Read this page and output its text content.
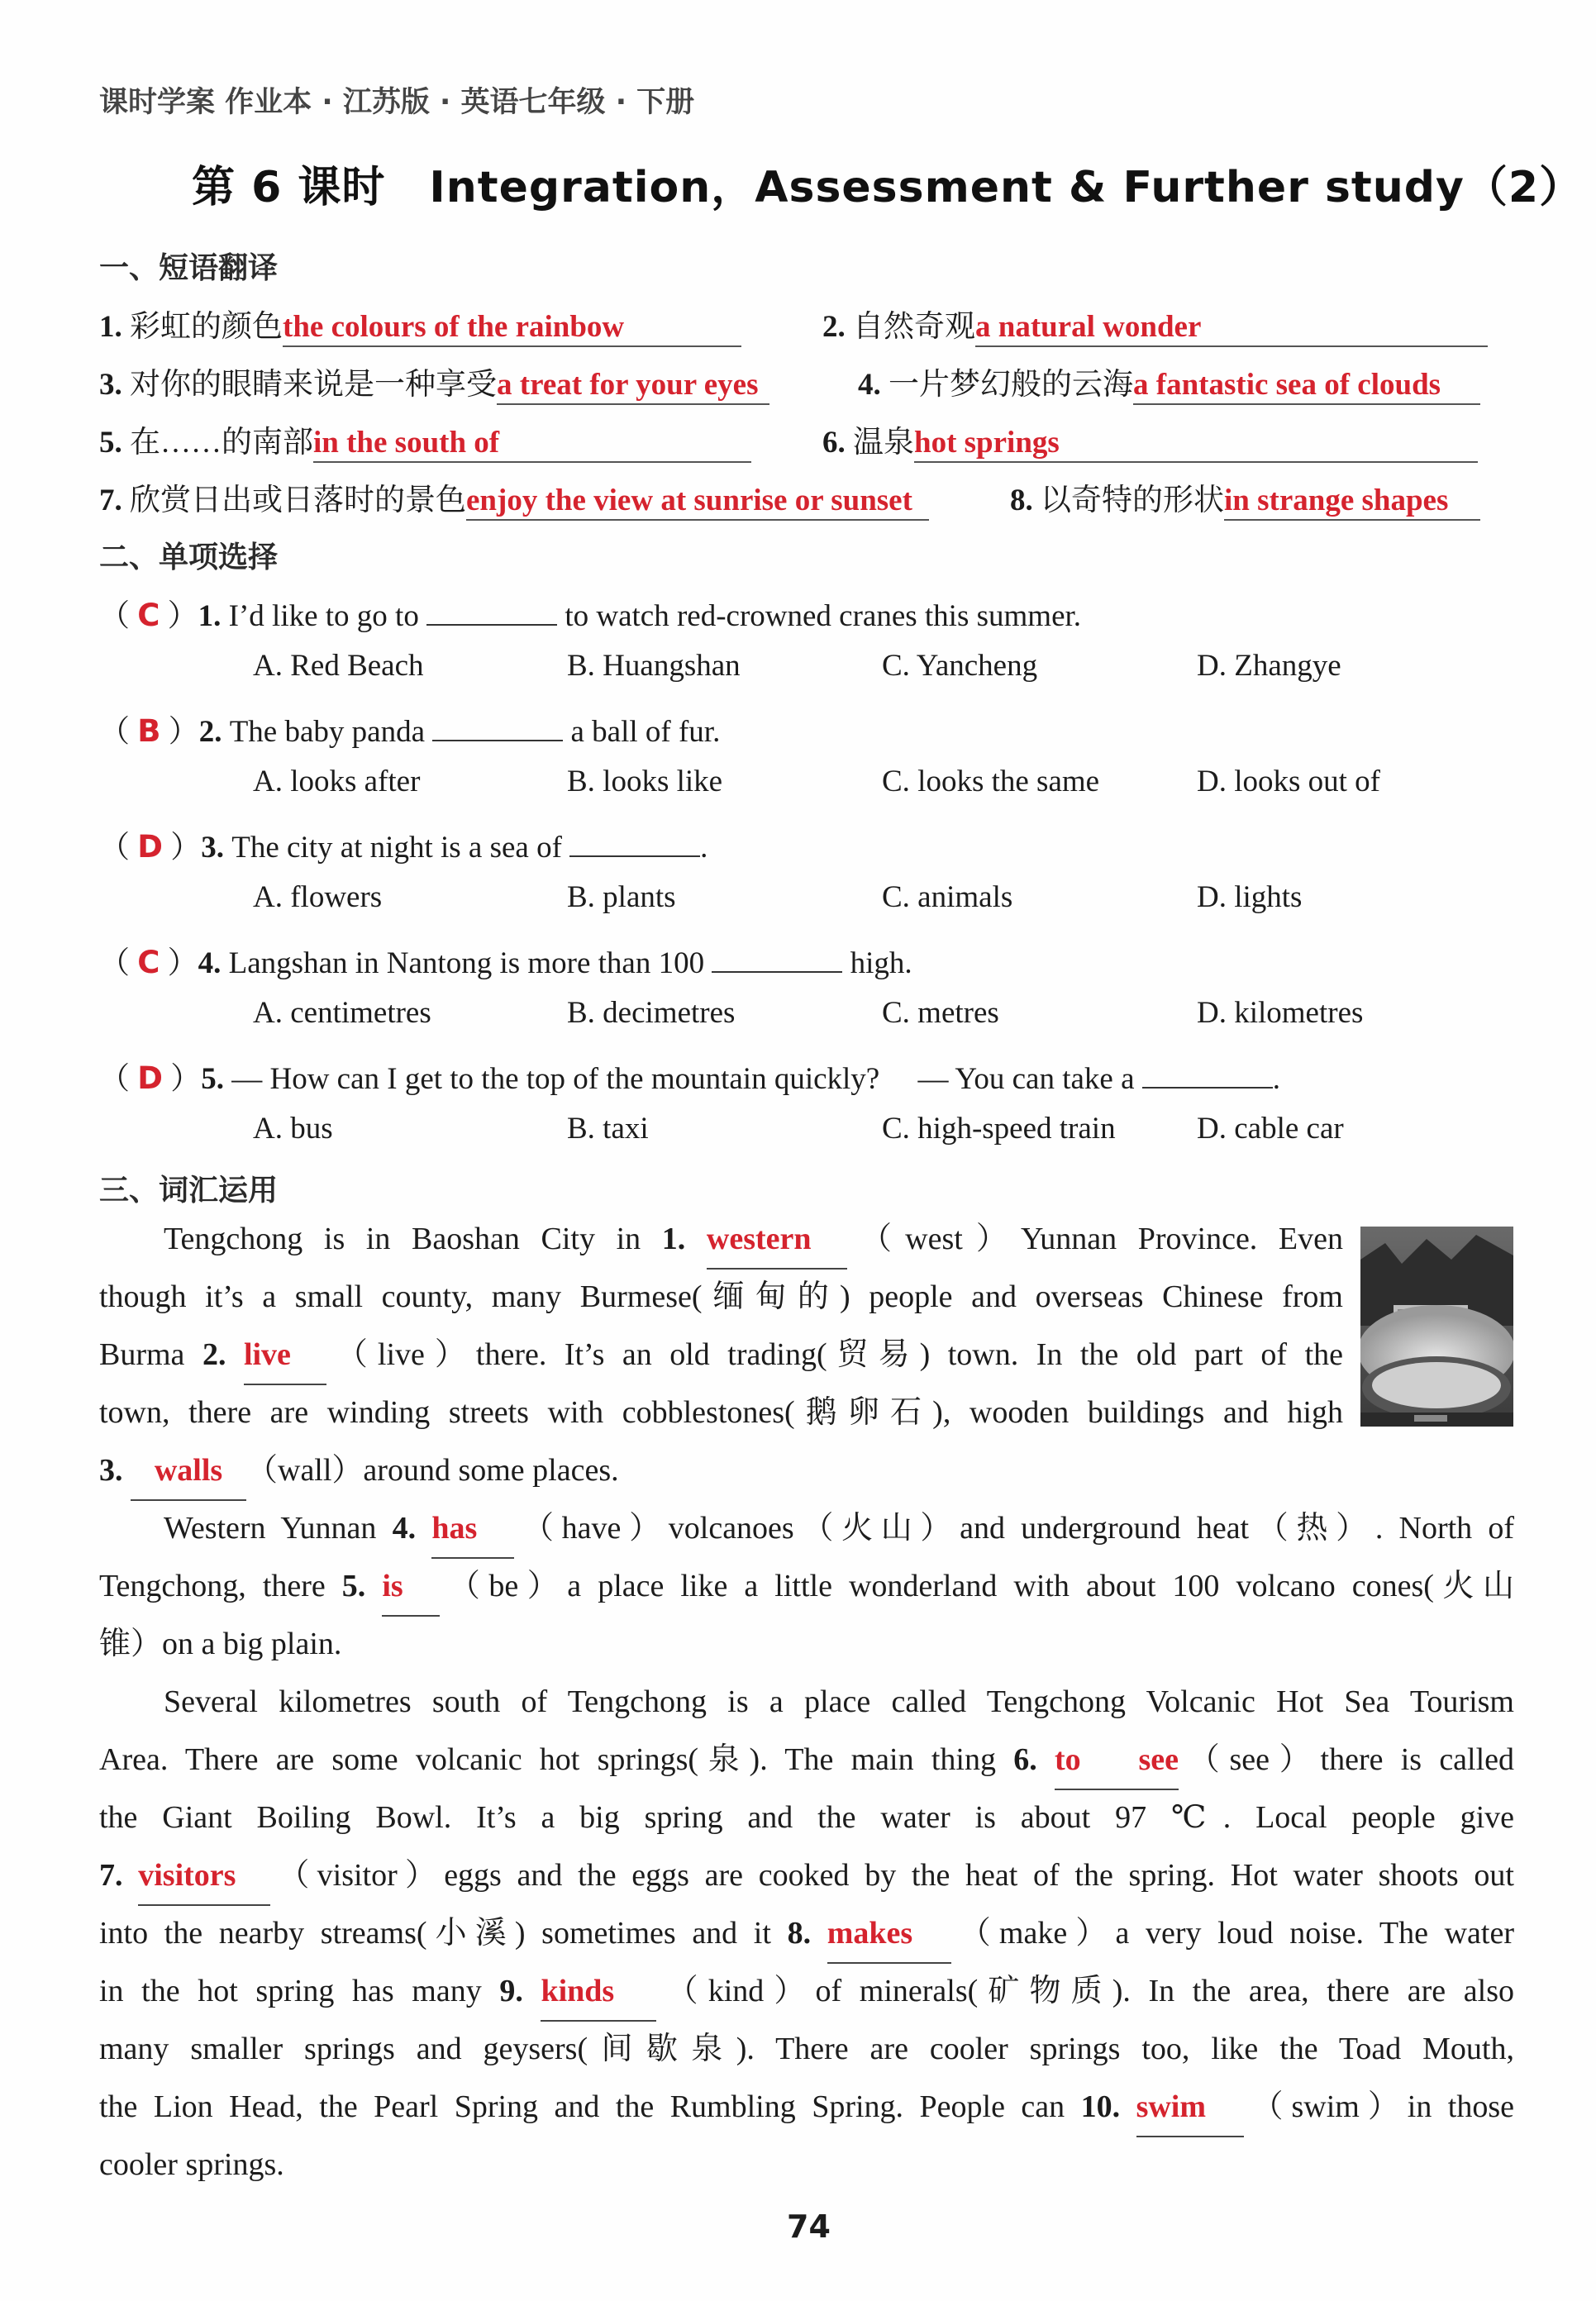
课时学案 作业本 · 江苏版 · 英语七年级 · 下册
第 6 课时　Integration，Assessment & Further study（2）
一、短语翻译
1. 彩虹的颜色the colours of the rainbow	2. 自然奇观a natural wonder
3. 对你的眼睛来说是一种享受a treat for your eyes	4. 一片梦幻般的云海a fantastic sea of clouds
5. 在……的南部in the south of	6. 温泉hot springs
7. 欣赏日出或日落时的景色enjoy the view at sunrise or sunset	8. 以奇特的形状in strange shapes
二、单项选择
（ C ）1. I’d like to go to	to watch red-crowned cranes this summer.
A. Red Beach	B. Huangshan	C. Yancheng	D. Zhangye
（ B ）2. The baby panda	a ball of fur.
A. looks after	B. looks like	C. looks the same	D. looks out of
（ D ）3. The city at night is a sea of	.
A. flowers	B. plants	C. animals	D. lights
（ C ）4. Langshan in Nantong is more than 100	high.
A. centimetres	B. decimetres	C. metres	D. kilometres
（ D ）5. — How can I get to the top of the mountain quickly?　 — You can take a	.
A. bus	B. taxi	C. high-speed train	D. cable car
三、词汇运用
Tengchong is in Baoshan City in 1. western （west）Yunnan Province. Even
though it’s a small county, many Burmese(缅甸的) people and overseas Chinese from
Burma 2. live （live）there. It’s an old trading(贸易) town. In the old part of the
town, there are winding streets with cobblestones(鹅卵石), wooden buildings and high
3. walls （wall）around some places.
Western Yunnan 4. has （have）volcanoes（火山）and underground heat（热）. North of
Tengchong, there 5. is （be）a place like a little wonderland with about 100 volcano cones(火山
锥）on a big plain.
Several kilometres south of Tengchong is a place called Tengchong Volcanic Hot Sea Tourism
Area. There are some volcanic hot springs(泉). The main thing 6. to see（see）there is called
the Giant Boiling Bowl. It’s a big spring and the water is about 97 ℃. Local people give
7. visitors （visitor）eggs and the eggs are cooked by the heat of the spring. Hot water shoots out
into the nearby streams(小溪) sometimes and it 8. makes （make）a very loud noise. The water
in the hot spring has many 9. kinds （kind）of minerals(矿物质). In the area, there are also
many smaller springs and geysers(间歇泉). There are cooler springs too, like the Toad Mouth,
the Lion Head, the Pearl Spring and the Rumbling Spring. People can 10. swim （swim）in those
cooler springs.
74
